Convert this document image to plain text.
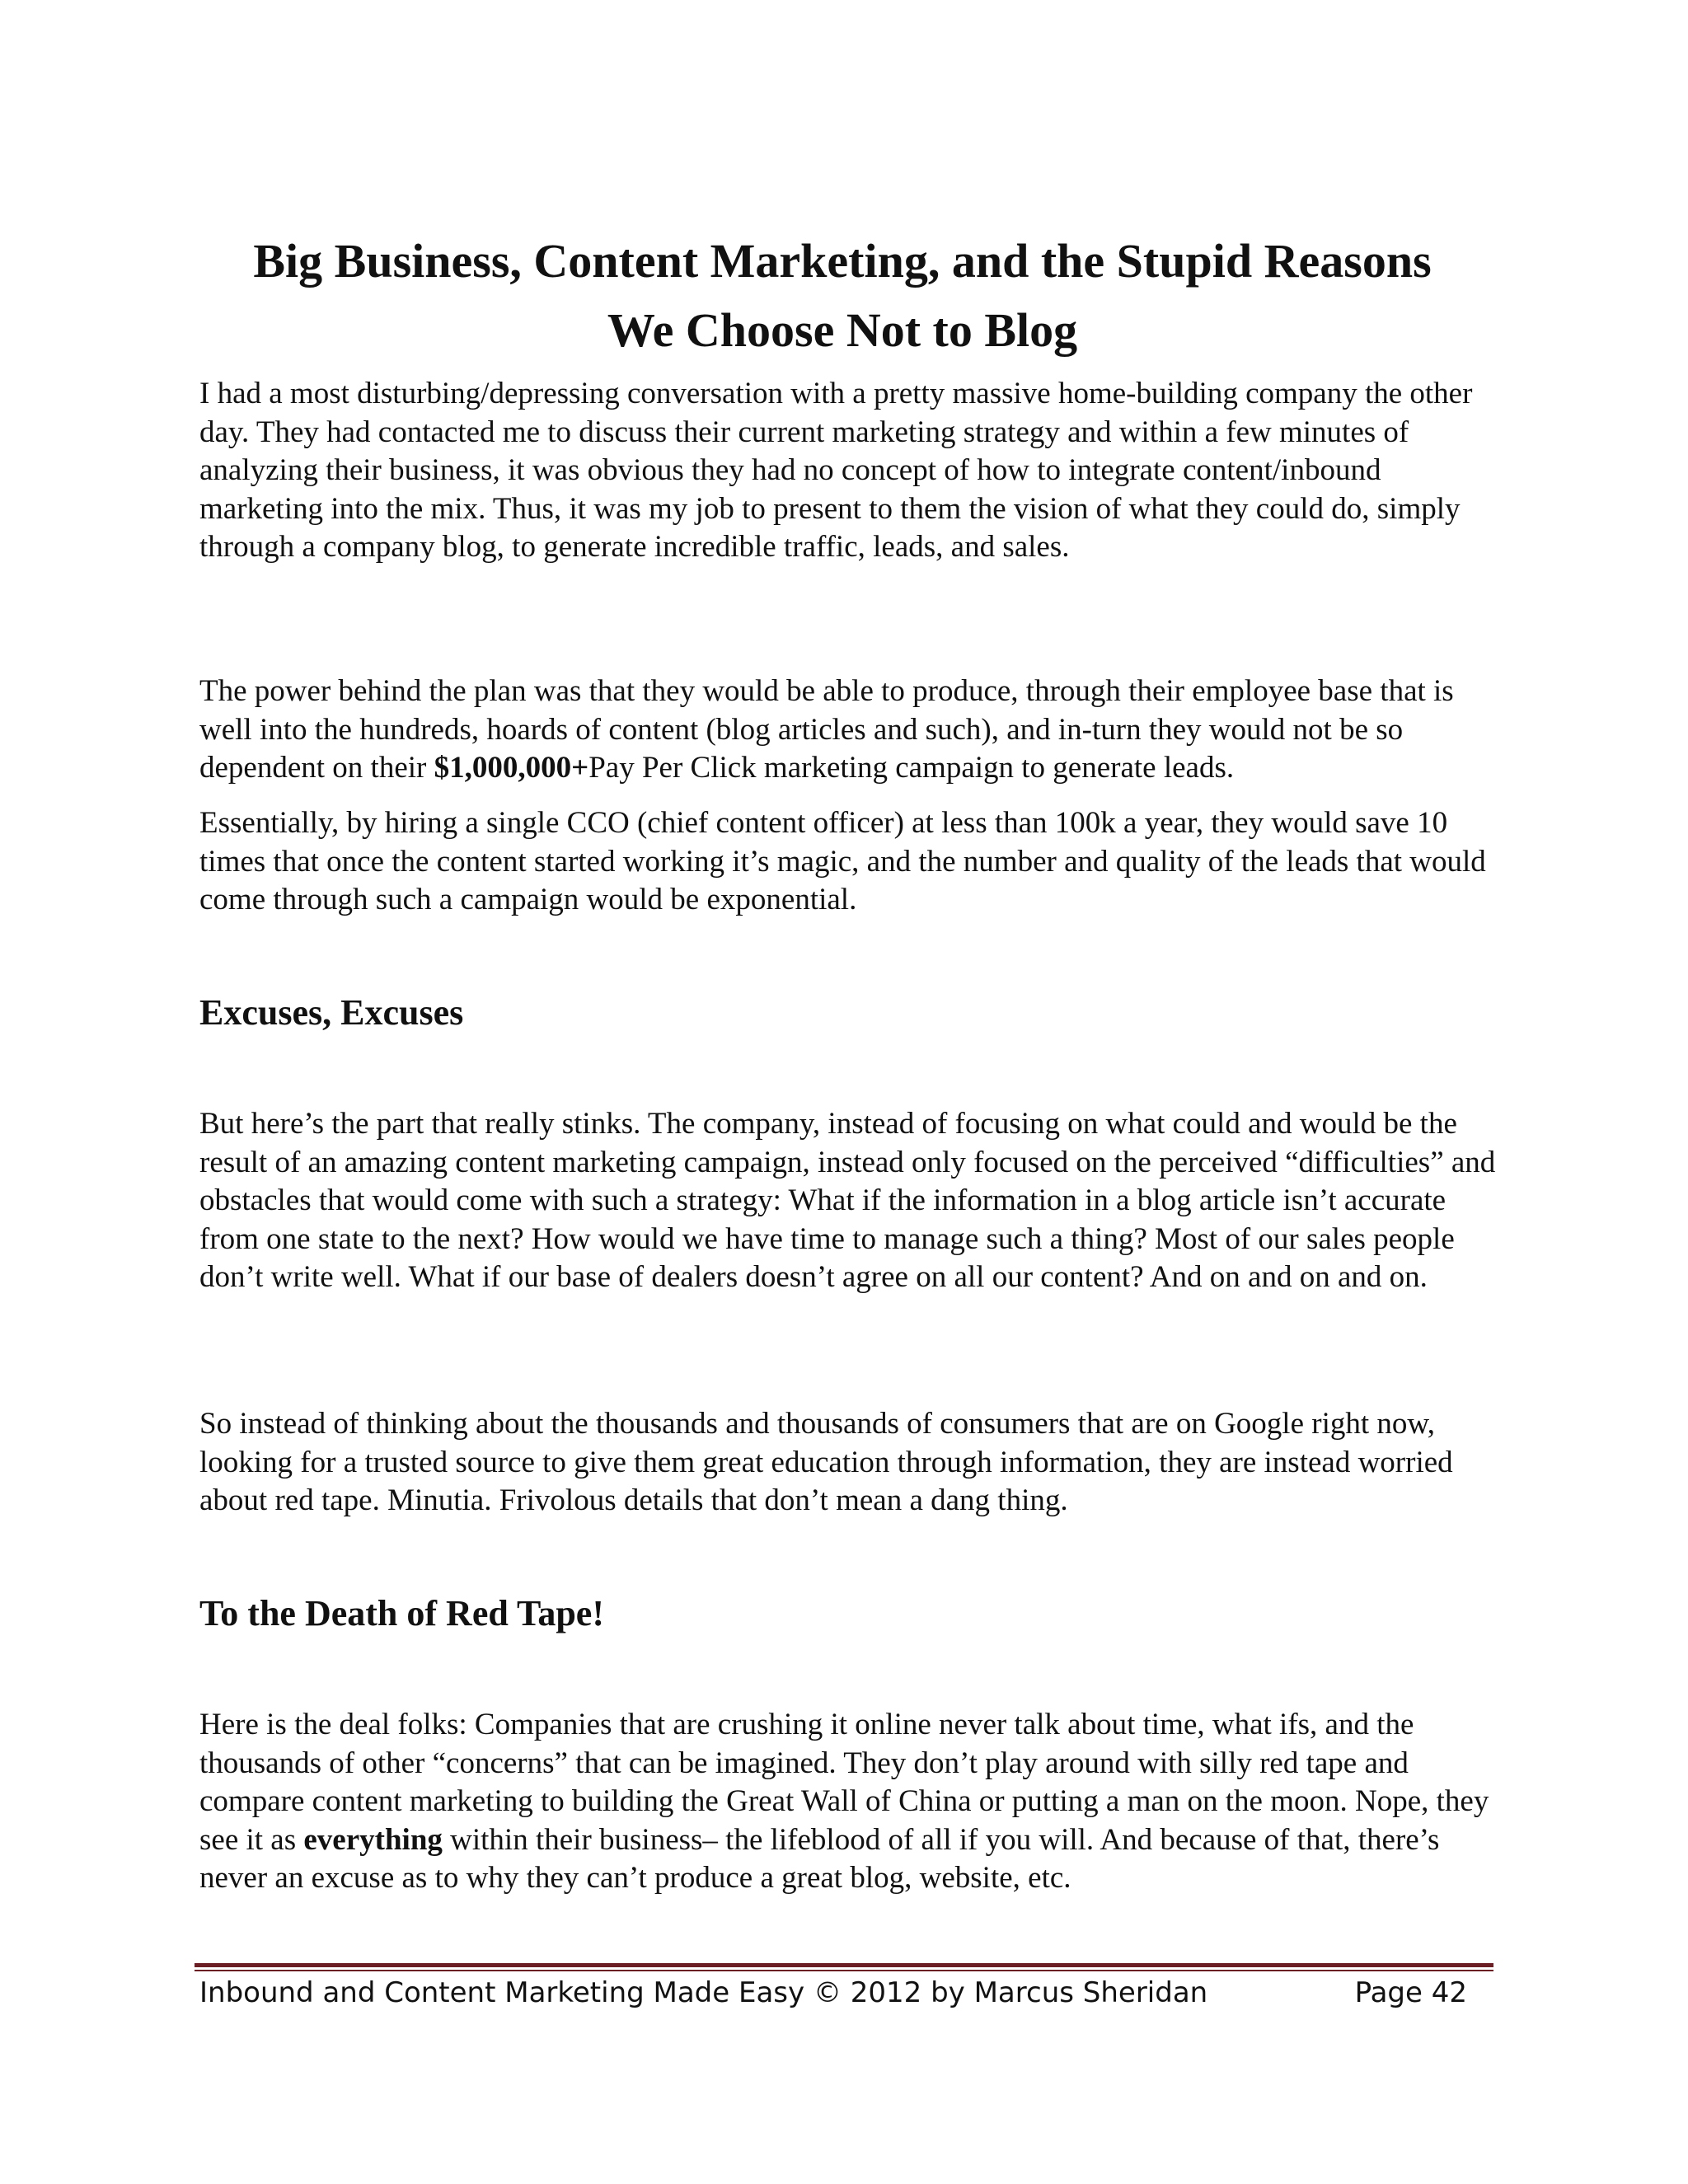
Big Business, Content Marketing, and the Stupid Reasons
We Choose Not to Blog

I had a most disturbing/depressing conversation with a pretty massive home-building company the other day. They had contacted me to discuss their current marketing strategy and within a few minutes of analyzing their business, it was obvious they had no concept of how to integrate content/inbound marketing into the mix. Thus, it was my job to present to them the vision of what they could do, simply through a company blog, to generate incredible traffic, leads, and sales.

The power behind the plan was that they would be able to produce, through their employee base that is well into the hundreds, hoards of content (blog articles and such), and in-turn they would not be so dependent on their $1,000,000+Pay Per Click marketing campaign to generate leads.

Essentially, by hiring a single CCO (chief content officer) at less than 100k a year, they would save 10 times that once the content started working it’s magic, and the number and quality of the leads that would come through such a campaign would be exponential.

Excuses, Excuses

But here’s the part that really stinks. The company, instead of focusing on what could and would be the result of an amazing content marketing campaign, instead only focused on the perceived “difficulties” and obstacles that would come with such a strategy: What if the information in a blog article isn’t accurate from one state to the next? How would we have time to manage such a thing? Most of our sales people don’t write well. What if our base of dealers doesn’t agree on all our content? And on and on and on.

So instead of thinking about the thousands and thousands of consumers that are on Google right now, looking for a trusted source to give them great education through information, they are instead worried about red tape. Minutia. Frivolous details that don’t mean a dang thing.

To the Death of Red Tape!

Here is the deal folks: Companies that are crushing it online never talk about time, what ifs, and the thousands of other “concerns” that can be imagined. They don’t play around with silly red tape and compare content marketing to building the Great Wall of China or putting a man on the moon. Nope, they see it as everything within their business– the lifeblood of all if you will. And because of that, there’s never an excuse as to why they can’t produce a great blog, website, etc.

Inbound and Content Marketing Made Easy © 2012 by Marcus Sheridan	Page 42
